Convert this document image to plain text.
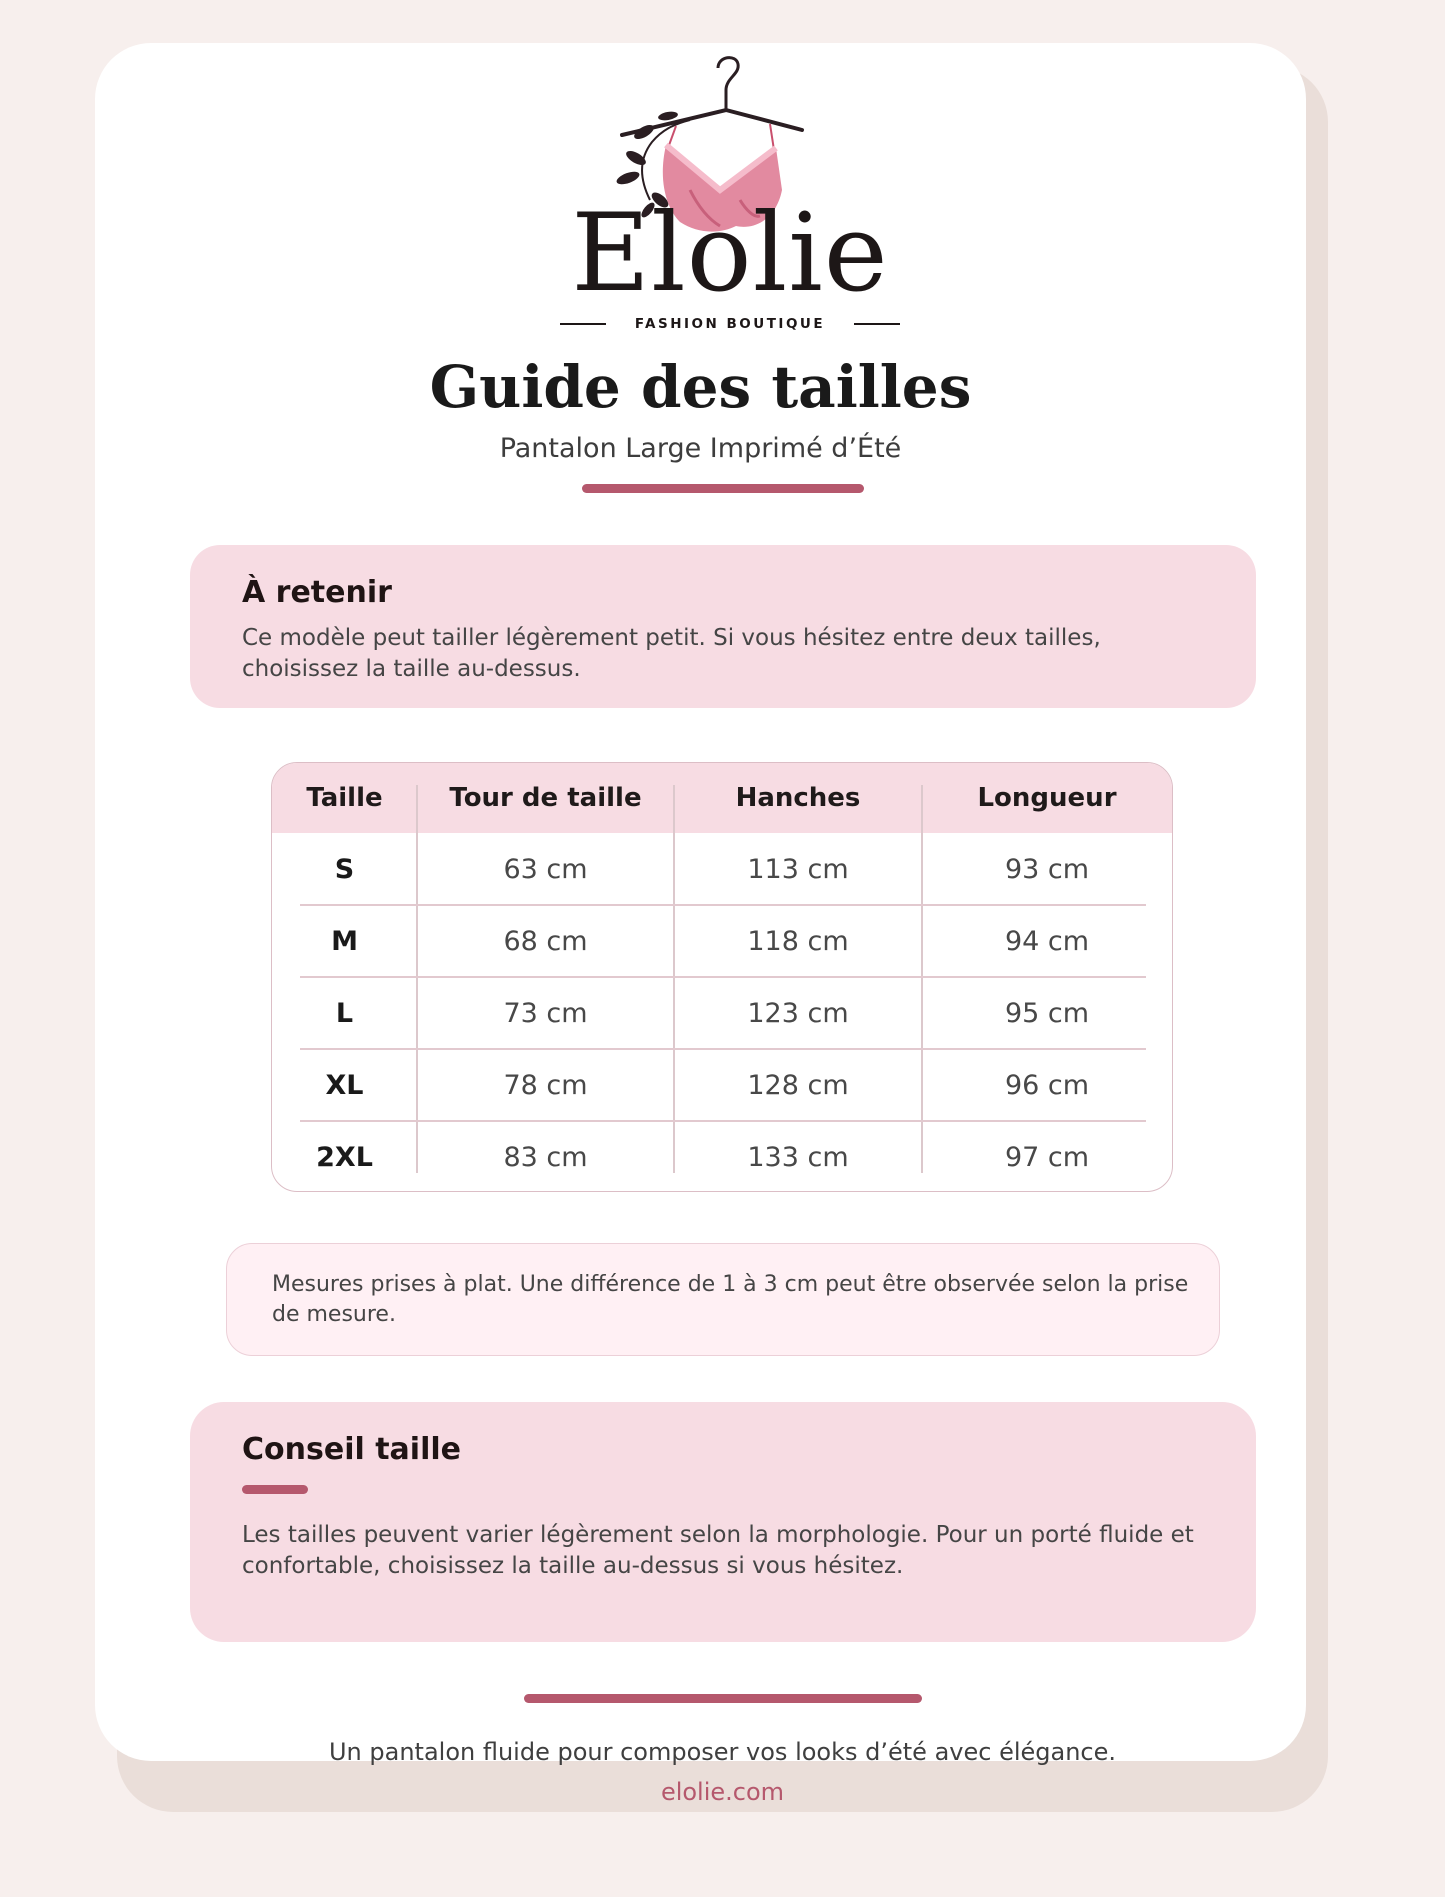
Elolie
FASHION BOUTIQUE
Guide des tailles
Pantalon Large Imprimé d’Été
À retenir

Ce modèle peut tailler légèrement petit. Si vous hésitez entre deux tailles, choisissez la taille au-dessus.

Taille	Tour de taille	Hanches	Longueur
S	63 cm	113 cm	93 cm
M	68 cm	118 cm	94 cm
L	73 cm	123 cm	95 cm
XL	78 cm	128 cm	96 cm
2XL	83 cm	133 cm	97 cm

Mesures prises à plat. Une différence de 1 à 3 cm peut être observée selon la prise de mesure.

Conseil taille

Les tailles peuvent varier légèrement selon la morphologie. Pour un porté fluide et confortable, choisissez la taille au-dessus si vous hésitez.

Un pantalon fluide pour composer vos looks d’été avec élégance.

elolie.com
